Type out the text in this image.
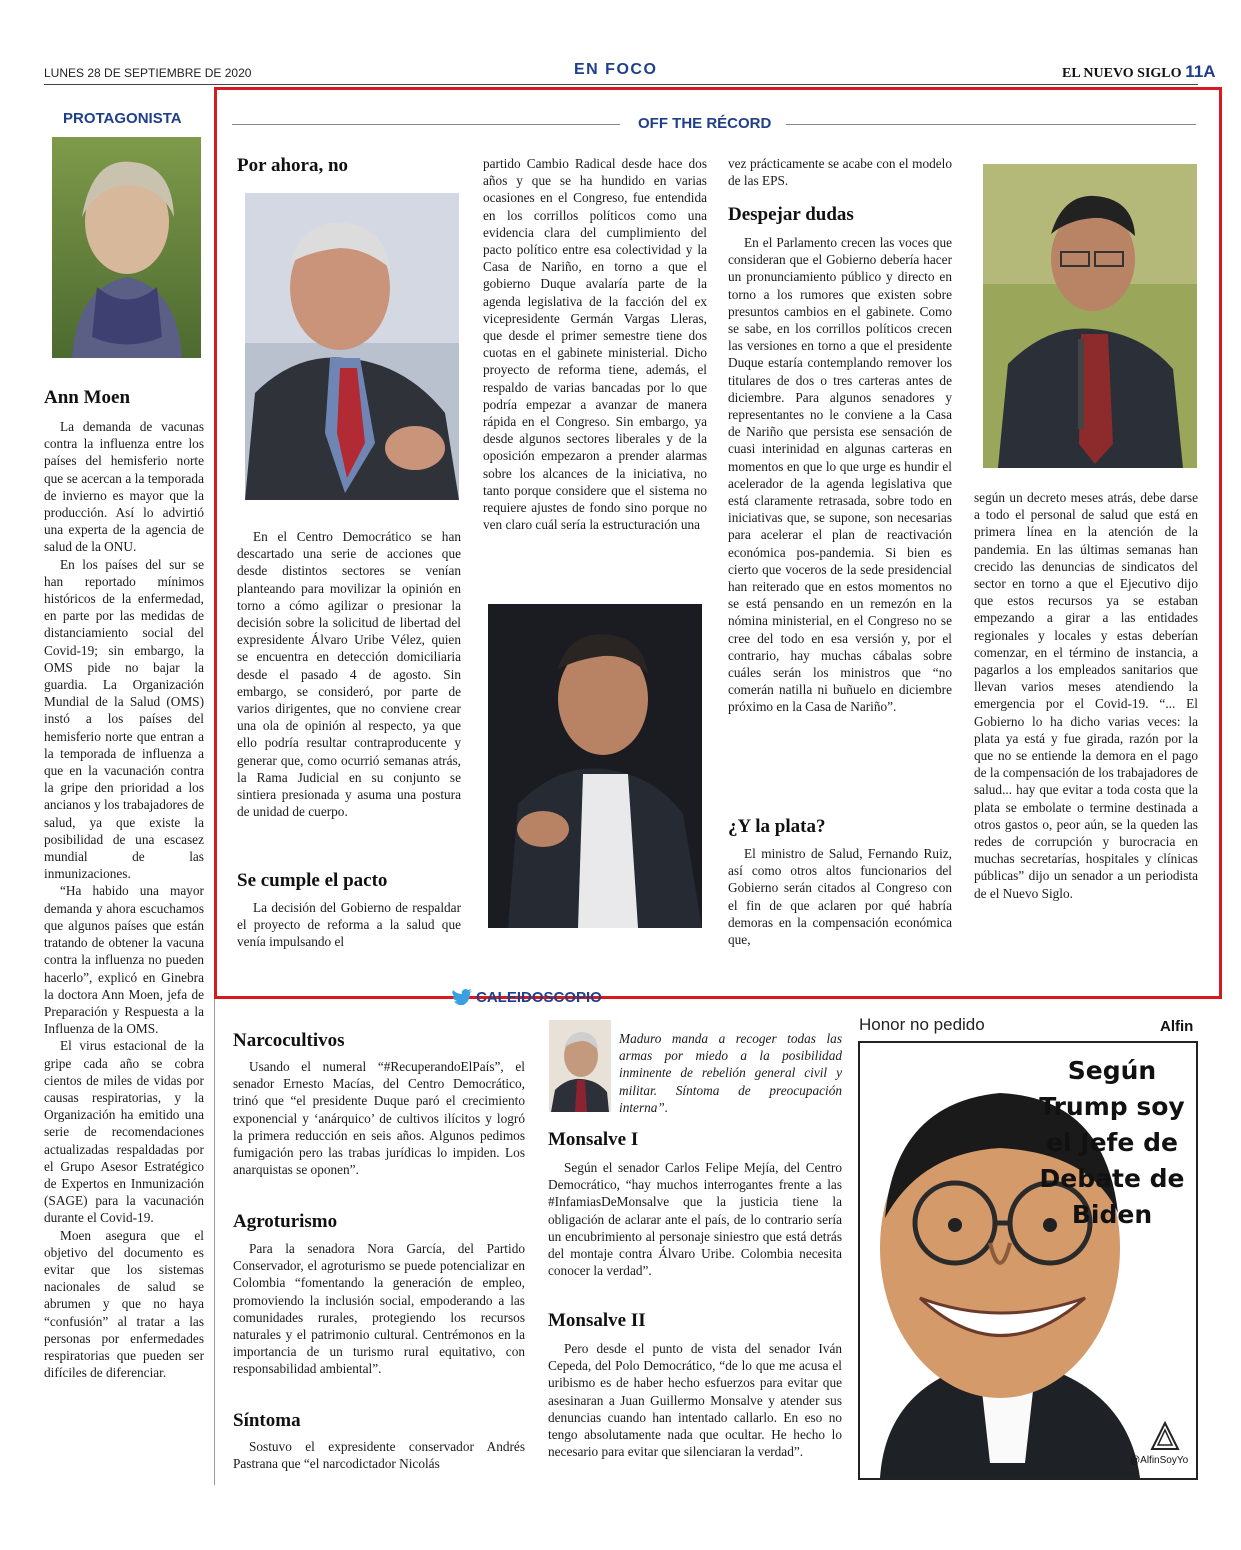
LUNES 28 DE SEPTIEMBRE DE 2020	EN FOCO	EL NUEVO SIGLO 11A
PROTAGONISTA
Ann Moen

La demanda de vacunas contra la influenza entre los países del hemisferio norte que se acercan a la temporada de invierno es mayor que la producción. Así lo advirtió una experta de la agencia de salud de la ONU.

En los países del sur se han reportado mínimos históricos de la enfermedad, en parte por las medidas de distanciamiento social del Covid-19; sin embargo, la OMS pide no bajar la guardia. La Organización Mundial de la Salud (OMS) instó a los países del hemisferio norte que entran a la temporada de influenza a que en la vacunación contra la gripe den prioridad a los ancianos y los trabajadores de salud, ya que existe la posibilidad de una escasez mundial de las inmunizaciones.

“Ha habido una mayor demanda y ahora escuchamos que algunos países que están tratando de obtener la vacuna contra la influenza no pueden hacerlo”, explicó en Ginebra la doctora Ann Moen, jefa de Preparación y Respuesta a la Influenza de la OMS.

El virus estacional de la gripe cada año se cobra cientos de miles de vidas por causas respiratorias, y la Organización ha emitido una serie de recomendaciones actualizadas respaldadas por el Grupo Asesor Estratégico de Expertos en Inmunización (SAGE) para la vacunación durante el Covid-19.

Moen asegura que el objetivo del documento es evitar que los sistemas nacionales de salud se abrumen y que no haya “confusión” al tratar a las personas por enfermedades respiratorias que pueden ser difíciles de diferenciar.

OFF THE RÉCORD
Por ahora, no

En el Centro Democrático se han descartado una serie de acciones que desde distintos sectores se venían planteando para movilizar la opinión en torno a cómo agilizar o presionar la decisión sobre la solicitud de libertad del expresidente Álvaro Uribe Vélez, quien se encuentra en detección domiciliaria desde el pasado 4 de agosto. Sin embargo, se consideró, por parte de varios dirigentes, que no conviene crear una ola de opinión al respecto, ya que ello podría resultar contraproducente y generar que, como ocurrió semanas atrás, la Rama Judicial en su conjunto se sintiera presionada y asuma una postura de unidad de cuerpo.

Se cumple el pacto

La decisión del Gobierno de respaldar el proyecto de reforma a la salud que venía impulsando el

partido Cambio Radical desde hace dos años y que se ha hundido en varias ocasiones en el Congreso, fue entendida en los corrillos políticos como una evidencia clara del cumplimiento del pacto político entre esa colectividad y la Casa de Nariño, en torno a que el gobierno Duque avalaría parte de la agenda legislativa de la facción del ex vicepresidente Germán Vargas Lleras, que desde el primer semestre tiene dos cuotas en el gabinete ministerial. Dicho proyecto de reforma tiene, además, el respaldo de varias bancadas por lo que podría empezar a avanzar de manera rápida en el Congreso. Sin embargo, ya desde algunos sectores liberales y de la oposición empezaron a prender alarmas sobre los alcances de la iniciativa, no tanto porque considere que el sistema no requiere ajustes de fondo sino porque no ven claro cuál sería la estructuración una

vez prácticamente se acabe con el modelo de las EPS.

Despejar dudas

En el Parlamento crecen las voces que consideran que el Gobierno debería hacer un pronunciamiento público y directo en torno a los rumores que existen sobre presuntos cambios en el gabinete. Como se sabe, en los corrillos políticos crecen las versiones en torno a que el presidente Duque estaría contemplando remover los titulares de dos o tres carteras antes de diciembre. Para algunos senadores y representantes no le conviene a la Casa de Nariño que persista ese sensación de cuasi interinidad en algunas carteras en momentos en que lo que urge es hundir el acelerador de la agenda legislativa que está claramente retrasada, sobre todo en iniciativas que, se supone, son necesarias para acelerar el plan de reactivación económica pos-pandemia. Si bien es cierto que voceros de la sede presidencial han reiterado que en estos momentos no se está pensando en un remezón en la nómina ministerial, en el Congreso no se cree del todo en esa versión y, por el contrario, hay muchas cábalas sobre cuáles serán los ministros que “no comerán natilla ni buñuelo en diciembre próximo en la Casa de Nariño”.

¿Y la plata?

El ministro de Salud, Fernando Ruiz, así como otros altos funcionarios del Gobierno serán citados al Congreso con el fin de que aclaren por qué habría demoras en la compensación económica que,

según un decreto meses atrás, debe darse a todo el personal de salud que está en primera línea en la atención de la pandemia. En las últimas semanas han crecido las denuncias de sindicatos del sector en torno a que el Ejecutivo dijo que estos recursos ya se estaban empezando a girar a las entidades regionales y locales y estas deberían comenzar, en el término de instancia, a pagarlos a los empleados sanitarios que llevan varios meses atendiendo la emergencia por el Covid-19. “... El Gobierno lo ha dicho varias veces: la plata ya está y fue girada, razón por la que no se entiende la demora en el pago de la compensación de los trabajadores de salud... hay que evitar a toda costa que la plata se embolate o termine destinada a otros gastos o, peor aún, se la queden las redes de corrupción y burocracia en muchas secretarías, hospitales y clínicas públicas” dijo un senador a un periodista de el Nuevo Siglo.

CALEIDOSCOPIO
Narcocultivos

Usando el numeral “#RecuperandoElPaís”, el senador Ernesto Macías, del Centro Democrático, trinó que “el presidente Duque paró el crecimiento exponencial y ‘anárquico’ de cultivos ilícitos y logró la primera reducción en seis años. Algunos pedimos fumigación pero las trabas jurídicas lo impiden. Los anarquistas se oponen”.

Agroturismo

Para la senadora Nora García, del Partido Conservador, el agroturismo se puede potencializar en Colombia “fomentando la generación de empleo, promoviendo la inclusión social, empoderando a las comunidades rurales, protegiendo los recursos naturales y el patrimonio cultural. Centrémonos en la importancia de un turismo rural equitativo, con responsabilidad ambiental”.

Síntoma

Sostuvo el expresidente conservador Andrés Pastrana que “el narcodictador Nicolás

Maduro manda a recoger todas las armas por miedo a la posibilidad inminente de rebelión general civil y militar. Síntoma de preocupación interna”.

Monsalve I

Según el senador Carlos Felipe Mejía, del Centro Democrático, “hay muchos interrogantes frente a las #InfamiasDeMonsalve que la justicia tiene la obligación de aclarar ante el país, de lo contrario sería un encubrimiento al personaje siniestro que está detrás del montaje contra Álvaro Uribe. Colombia necesita conocer la verdad”.

Monsalve II

Pero desde el punto de vista del senador Iván Cepeda, del Polo Democrático, “de lo que me acusa el uribismo es de haber hecho esfuerzos para evitar que asesinaran a Juan Guillermo Monsalve y atender sus denuncias cuando han intentado callarlo. En eso no tengo absolutamente nada que ocultar. He hecho lo necesario para evitar que silenciaran la verdad”.

Honor no pedido	Alfin
Según Trump soy el Jefe de Debate de Biden
@AlfinSoyYo
